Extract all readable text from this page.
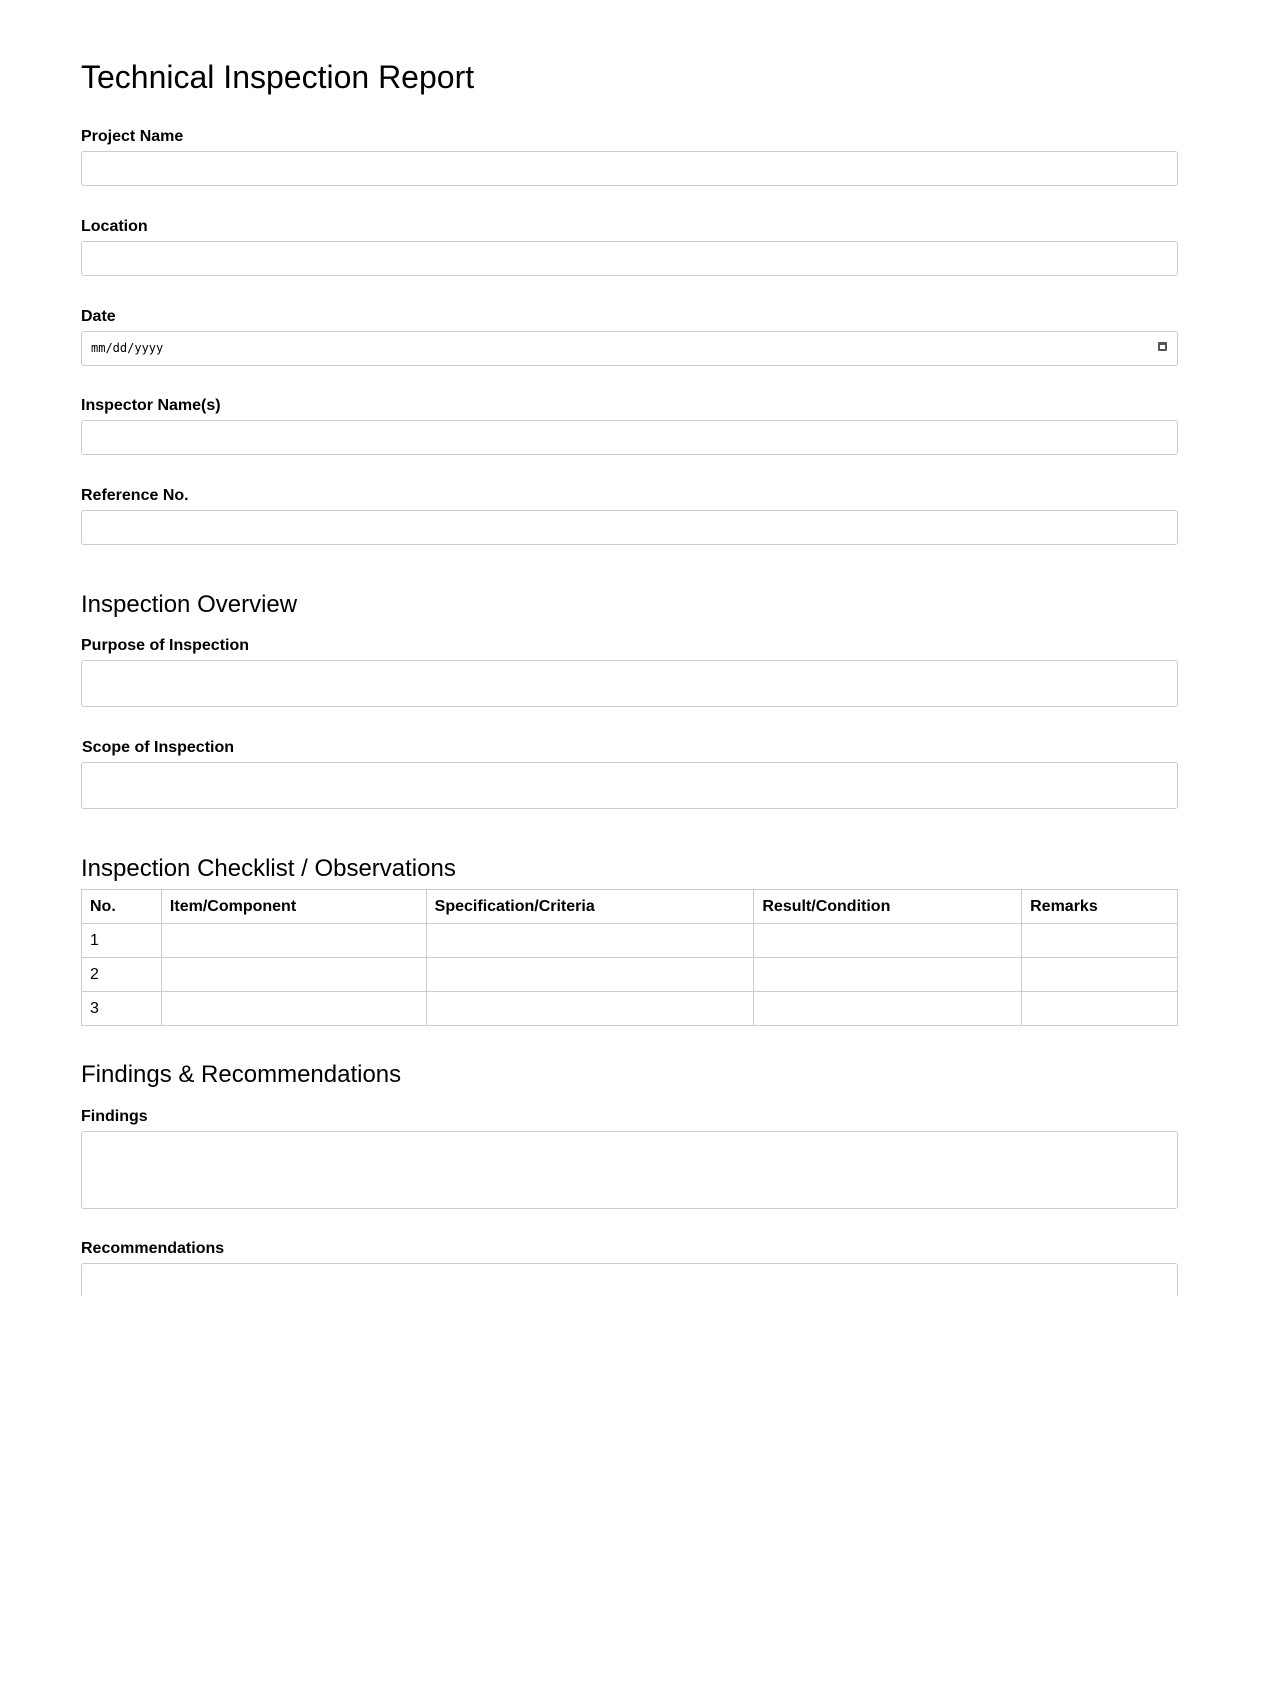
Technical Inspection Report
Project Name
Location
Date
mm/dd/yyyy
Inspector Name(s)
Reference No.
Inspection Overview
Purpose of Inspection
Scope of Inspection
Inspection Checklist / Observations
No.	Item/Component	Specification/Criteria	Result/Condition	Remarks
1				
2				
3				
Findings & Recommendations
Findings
Recommendations
